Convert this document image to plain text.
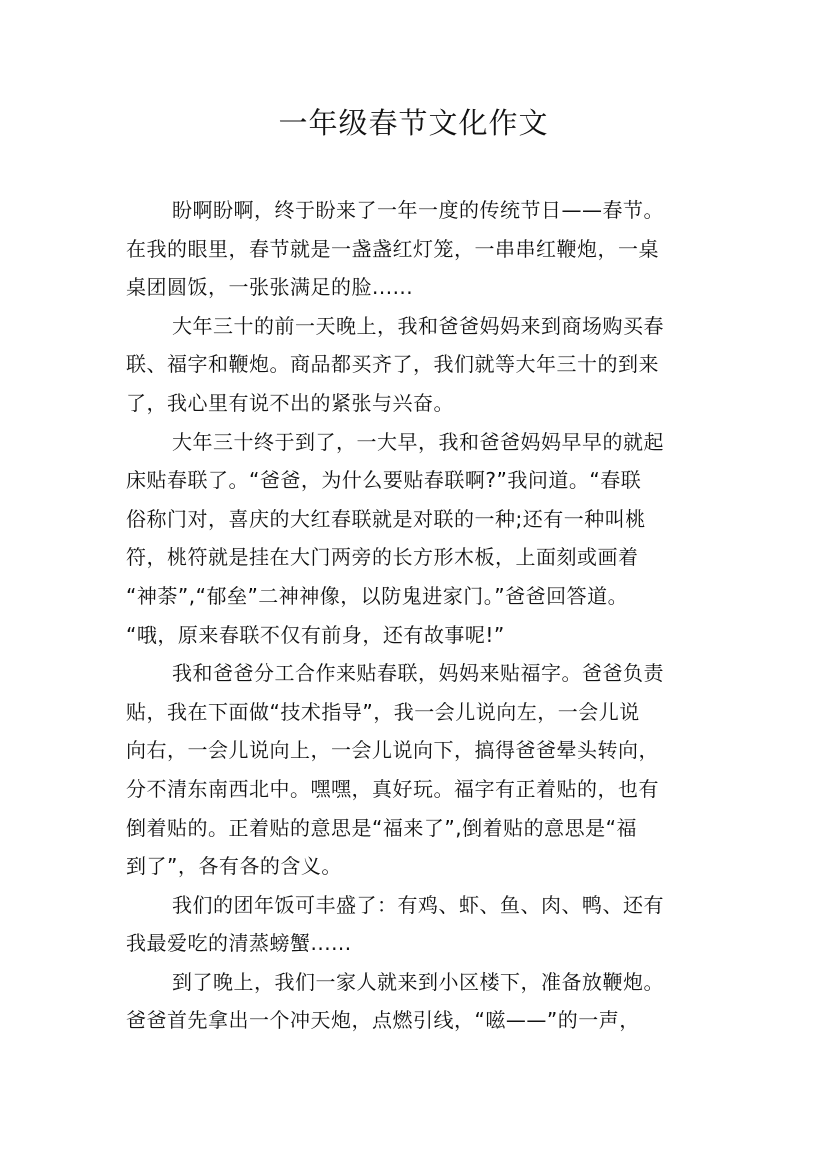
一年级春节文化作文
盼啊盼啊，终于盼来了一年一度的传统节日——春节。
在我的眼里，春节就是一盏盏红灯笼，一串串红鞭炮，一桌
桌团圆饭，一张张满足的脸......
大年三十的前一天晚上，我和爸爸妈妈来到商场购买春
联、福字和鞭炮。商品都买齐了，我们就等大年三十的到来
了，我心里有说不出的紧张与兴奋。
大年三十终于到了，一大早，我和爸爸妈妈早早的就起
床贴春联了。“爸爸，为什么要贴春联啊?”我问道。“春联
俗称门对，喜庆的大红春联就是对联的一种;还有一种叫桃
符，桃符就是挂在大门两旁的长方形木板，上面刻或画着
“神荼”,“郁垒”二神神像，以防鬼进家门。”爸爸回答道。
“哦，原来春联不仅有前身，还有故事呢!”
我和爸爸分工合作来贴春联，妈妈来贴福字。爸爸负责
贴，我在下面做“技术指导”，我一会儿说向左，一会儿说
向右，一会儿说向上，一会儿说向下，搞得爸爸晕头转向，
分不清东南西北中。嘿嘿，真好玩。福字有正着贴的，也有
倒着贴的。正着贴的意思是“福来了”,倒着贴的意思是“福
到了”，各有各的含义。
我们的团年饭可丰盛了：有鸡、虾、鱼、肉、鸭、还有
我最爱吃的清蒸螃蟹......
到了晚上，我们一家人就来到小区楼下，准备放鞭炮。
爸爸首先拿出一个冲天炮，点燃引线，“嗞——”的一声，
